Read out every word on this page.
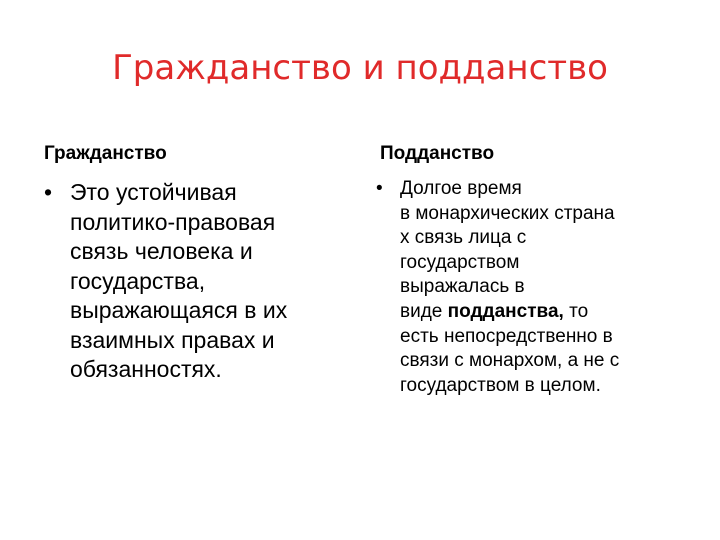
Гражданство и подданство
Гражданство	Подданство
• Это устойчивая
политико-правовая
связь человека и
государства,
выражающаяся в их
взаимных правах и
обязанностях.
• Долгое время
в монархических страна
х связь лица с
государством
выражалась в
виде подданства, то
есть непосредственно в
связи с монархом, а не с
государством в целом.
